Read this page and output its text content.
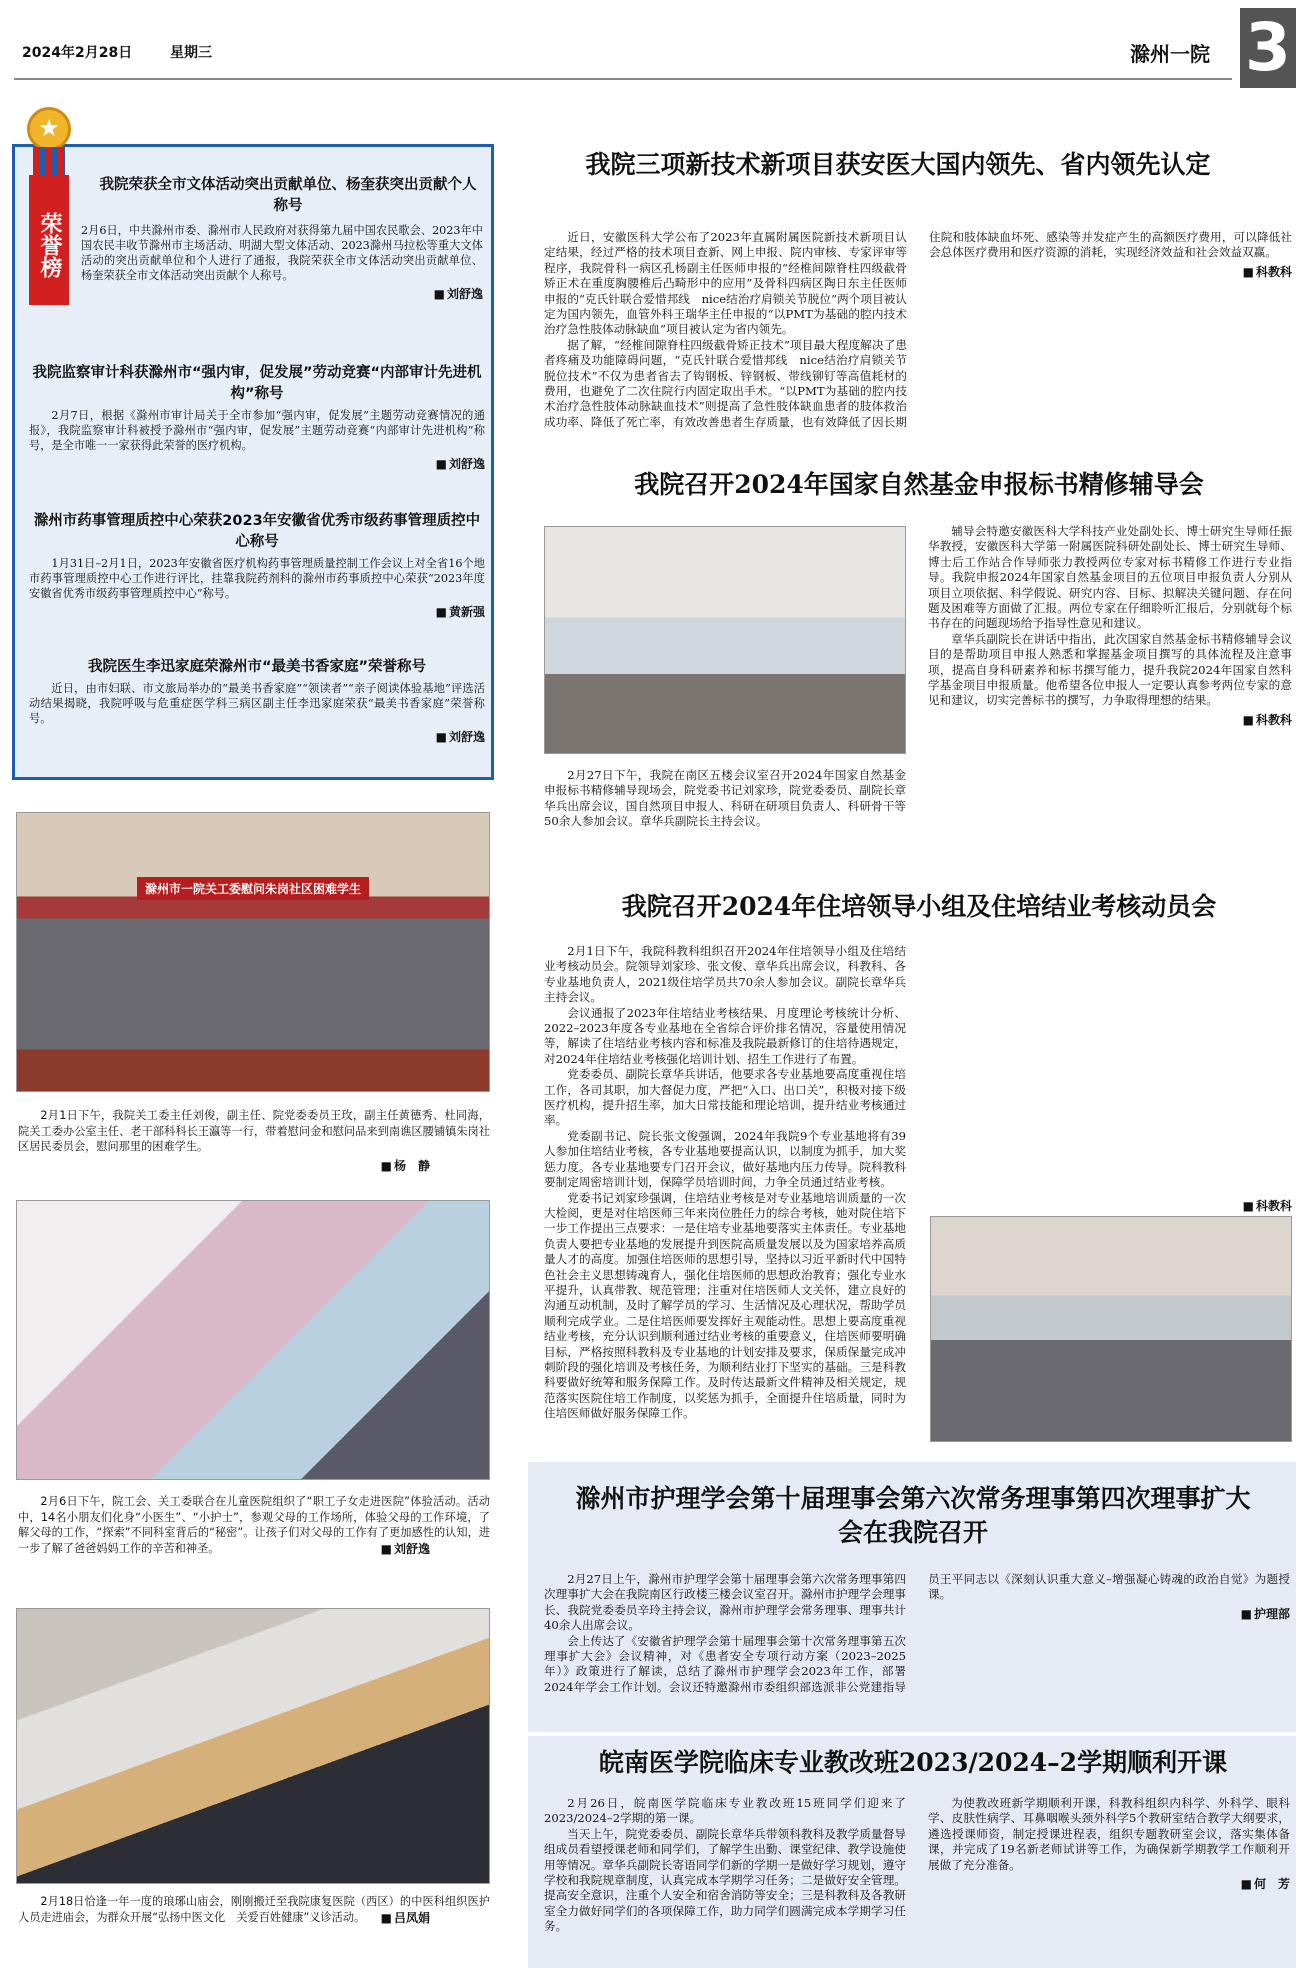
2024年2月28日	星期三	滁州一院 3
★
荣誉榜
我院荣获全市文体活动突出贡献单位、杨奎获突出贡献个人称号

2月6日，中共滁州市委、滁州市人民政府对获得第九届中国农民歌会、2023年中国农民丰收节滁州市主场活动、明湖大型文体活动、2023滁州马拉松等重大文体活动的突出贡献单位和个人进行了通报，我院荣获全市文体活动突出贡献单位、杨奎荣获全市文体活动突出贡献个人称号。

■ 刘舒逸
我院监察审计科获滁州市“强内审，促发展”劳动竞赛“内部审计先进机构”称号

2月7日，根据《滁州市审计局关于全市参加“强内审，促发展”主题劳动竞赛情况的通报》，我院监察审计科被授予滁州市“强内审，促发展”主题劳动竞赛“内部审计先进机构”称号，是全市唯一一家获得此荣誉的医疗机构。

■ 刘舒逸
滁州市药事管理质控中心荣获2023年安徽省优秀市级药事管理质控中心称号

1月31日–2月1日，2023年安徽省医疗机构药事管理质量控制工作会议上对全省16个地市药事管理质控中心工作进行评比，挂靠我院药剂科的滁州市药事质控中心荣获“2023年度安徽省优秀市级药事管理质控中心”称号。

■ 黄新强
我院医生李迅家庭荣滁州市“最美书香家庭”荣誉称号

近日，由市妇联、市文旅局举办的“最美书香家庭”“领读者”“亲子阅读体验基地”评选活动结果揭晓，我院呼吸与危重症医学科三病区副主任李迅家庭荣获“最美书香家庭”荣誉称号。

■ 刘舒逸
滁州市一院关工委慰问朱岗社区困难学生
2月1日下午，我院关工委主任刘俊，副主任、院党委委员王玫，副主任黄德秀、杜同海，院关工委办公室主任、老干部科科长王瀛等一行，带着慰问金和慰问品来到南谯区腰铺镇朱岗社区居民委员会，慰问那里的困难学生。
■ 杨　静
2月6日下午，院工会、关工委联合在儿童医院组织了“职工子女走进医院”体验活动。活动中，14名小朋友们化身“小医生”、“小护士”，参观父母的工作场所，体验父母的工作环境，了解父母的工作，“探索”不同科室背后的“秘密”。让孩子们对父母的工作有了更加感性的认知，进一步了解了爸爸妈妈工作的辛苦和神圣。	■ 刘舒逸
2月18日恰逢一年一度的琅琊山庙会，刚刚搬迁至我院康复医院（西区）的中医科组织医护人员走进庙会，为群众开展“弘扬中医文化　关爱百姓健康”义诊活动。	■ 吕凤娟
我院三项新技术新项目获安医大国内领先、省内领先认定

近日，安徽医科大学公布了2023年直属附属医院新技术新项目认定结果，经过严格的技术项目查新、网上申报、院内审核、专家评审等程序，我院骨科一病区孔杨副主任医师申报的“经椎间隙脊柱四级截骨矫正术在重度胸腰椎后凸畸形中的应用”及骨科四病区陶日东主任医师申报的“克氏针联合爱惜邦线　nice结治疗肩锁关节脱位”两个项目被认定为国内领先，血管外科王瑞华主任申报的“以PMT为基础的腔内技术治疗急性肢体动脉缺血”项目被认定为省内领先。

据了解，“经椎间隙脊柱四级截骨矫正技术”项目最大程度解决了患者疼痛及功能障碍问题，“克氏针联合爱惜邦线　nice结治疗肩锁关节脱位技术”不仅为患者省去了钩钢板、锌钢板、带线铆钉等高值耗材的费用，也避免了二次住院行内固定取出手术。“以PMT为基础的腔内技术治疗急性肢体动脉缺血技术”则提高了急性肢体缺血患者的肢体救治成功率、降低了死亡率，有效改善患者生存质量，也有效降低了因长期住院和肢体缺血坏死、感染等并发症产生的高额医疗费用，可以降低社会总体医疗费用和医疗资源的消耗，实现经济效益和社会效益双赢。

■ 科教科
我院召开2024年国家自然基金申报标书精修辅导会

2月27日下午，我院在南区五楼会议室召开2024年国家自然基金申报标书精修辅导现场会，院党委书记刘家珍，院党委委员、副院长章华兵出席会议，国自然项目申报人、科研在研项目负责人、科研骨干等50余人参加会议。章华兵副院长主持会议。

辅导会特邀安徽医科大学科技产业处副处长、博士研究生导师任振华教授，安徽医科大学第一附属医院科研处副处长、博士研究生导师、博士后工作站合作导师张力教授两位专家对标书精修工作进行专业指导。我院申报2024年国家自然基金项目的五位项目申报负责人分别从项目立项依据、科学假说、研究内容、目标、拟解决关键问题、存在问题及困难等方面做了汇报。两位专家在仔细聆听汇报后，分别就每个标书存在的问题现场给予指导性意见和建议。

章华兵副院长在讲话中指出，此次国家自然基金标书精修辅导会议目的是帮助项目申报人熟悉和掌握基金项目撰写的具体流程及注意事项，提高自身科研素养和标书撰写能力，提升我院2024年国家自然科学基金项目申报质量。他希望各位申报人一定要认真参考两位专家的意见和建议，切实完善标书的撰写，力争取得理想的结果。

■ 科教科
我院召开2024年住培领导小组及住培结业考核动员会

2月1日下午，我院科教科组织召开2024年住培领导小组及住培结业考核动员会。院领导刘家珍、张文俊、章华兵出席会议，科教科、各专业基地负责人，2021级住培学员共70余人参加会议。副院长章华兵主持会议。

会议通报了2023年住培结业考核结果、月度理论考核统计分析、2022–2023年度各专业基地在全省综合评价排名情况，容量使用情况等，解读了住培结业考核内容和标准及我院最新修订的住培待遇规定，对2024年住培结业考核强化培训计划、招生工作进行了布置。

党委委员、副院长章华兵讲话，他要求各专业基地要高度重视住培工作，各司其职，加大督促力度，严把“入口、出口关”，积极对接下级医疗机构，提升招生率，加大日常技能和理论培训，提升结业考核通过率。

党委副书记、院长张文俊强调，2024年我院9个专业基地将有39人参加住培结业考核，各专业基地要提高认识，以制度为抓手，加大奖惩力度。各专业基地要专门召开会议，做好基地内压力传导。院科教科要制定周密培训计划，保障学员培训时间，力争全员通过结业考核。

党委书记刘家珍强调，住培结业考核是对专业基地培训质量的一次大检阅，更是对住培医师三年来岗位胜任力的综合考核，她对院住培下一步工作提出三点要求：一是住培专业基地要落实主体责任。专业基地负责人要把专业基地的发展提升到医院高质量发展以及为国家培养高质量人才的高度。加强住培医师的思想引导，坚持以习近平新时代中国特色社会主义思想铸魂育人，强化住培医师的思想政治教育；强化专业水平提升，认真带教、规范管理；注重对住培医师人文关怀，建立良好的沟通互动机制，及时了解学员的学习、生活情况及心理状况，帮助学员顺利完成学业。二是住培医师要发挥好主观能动性。思想上要高度重视结业考核，充分认识到顺利通过结业考核的重要意义，住培医师要明确目标，严格按照科教科及专业基地的计划安排及要求，保质保量完成冲刺阶段的强化培训及考核任务，为顺利结业打下坚实的基础。三是科教科要做好统筹和服务保障工作。及时传达最新文件精神及相关规定，规范落实医院住培工作制度，以奖惩为抓手，全面提升住培质量，同时为住培医师做好服务保障工作。

■ 科教科
滁州市护理学会第十届理事会第六次常务理事第四次理事扩大会在我院召开

2月27日上午，滁州市护理学会第十届理事会第六次常务理事第四次理事扩大会在我院南区行政楼三楼会议室召开。滁州市护理学会理事长、我院党委委员辛玲主持会议，滁州市护理学会常务理事、理事共计40余人出席会议。

会上传达了《安徽省护理学会第十届理事会第十次常务理事第五次理事扩大会》会议精神，对《患者安全专项行动方案（2023–2025年）》政策进行了解读，总结了滁州市护理学会2023年工作，部署2024年学会工作计划。会议还特邀滁州市委组织部选派非公党建指导员王平同志以《深刻认识重大意义–增强凝心铸魂的政治自觉》为题授课。

■ 护理部
皖南医学院临床专业教改班2023/2024–2学期顺利开课

2月26日，皖南医学院临床专业教改班15班同学们迎来了2023/2024–2学期的第一课。

当天上午，院党委委员、副院长章华兵带领科教科及教学质量督导组成员看望授课老师和同学们，了解学生出勤、课堂纪律、教学设施使用等情况。章华兵副院长寄语同学们新的学期一是做好学习规划，遵守学校和我院规章制度，认真完成本学期学习任务；二是做好安全管理。提高安全意识，注重个人安全和宿舍消防等安全；三是科教科及各教研室全力做好同学们的各项保障工作，助力同学们圆满完成本学期学习任务。

为使教改班新学期顺利开课，科教科组织内科学、外科学、眼科学、皮肤性病学、耳鼻咽喉头颈外科学5个教研室结合教学大纲要求，遴选授课师资，制定授课进程表，组织专题教研室会议，落实集体备课，并完成了19名新老师试讲等工作，为确保新学期教学工作顺利开展做了充分准备。

■ 何　芳
